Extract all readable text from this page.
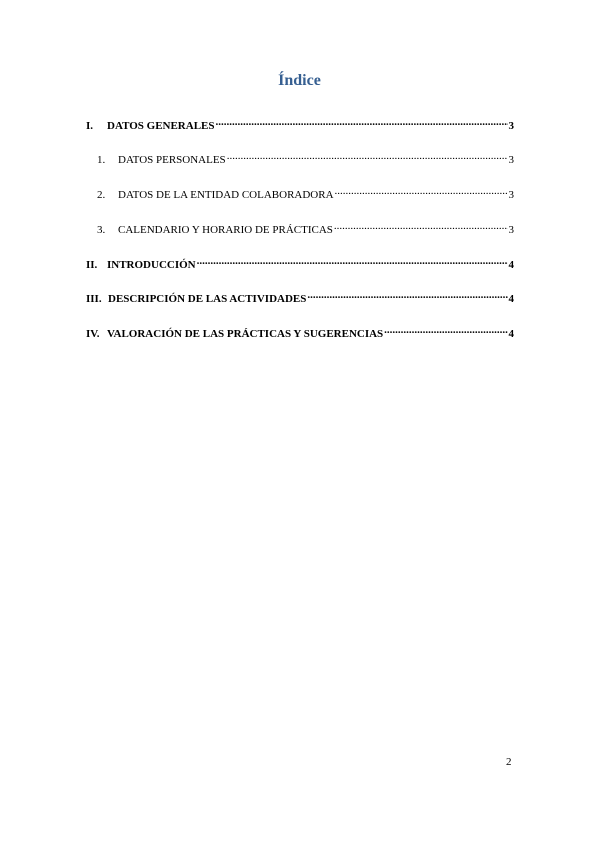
Índice
I.	DATOS GENERALES .....	3
1.	DATOS PERSONALES .....	3
2.	DATOS DE LA ENTIDAD COLABORADORA .....	3
3.	CALENDARIO Y HORARIO DE PRÁCTICAS .....	3
II. INTRODUCCIÓN .....	4
III. DESCRIPCIÓN DE LAS ACTIVIDADES .....	4
IV. VALORACIÓN DE LAS PRÁCTICAS Y SUGERENCIAS .....	4
2
